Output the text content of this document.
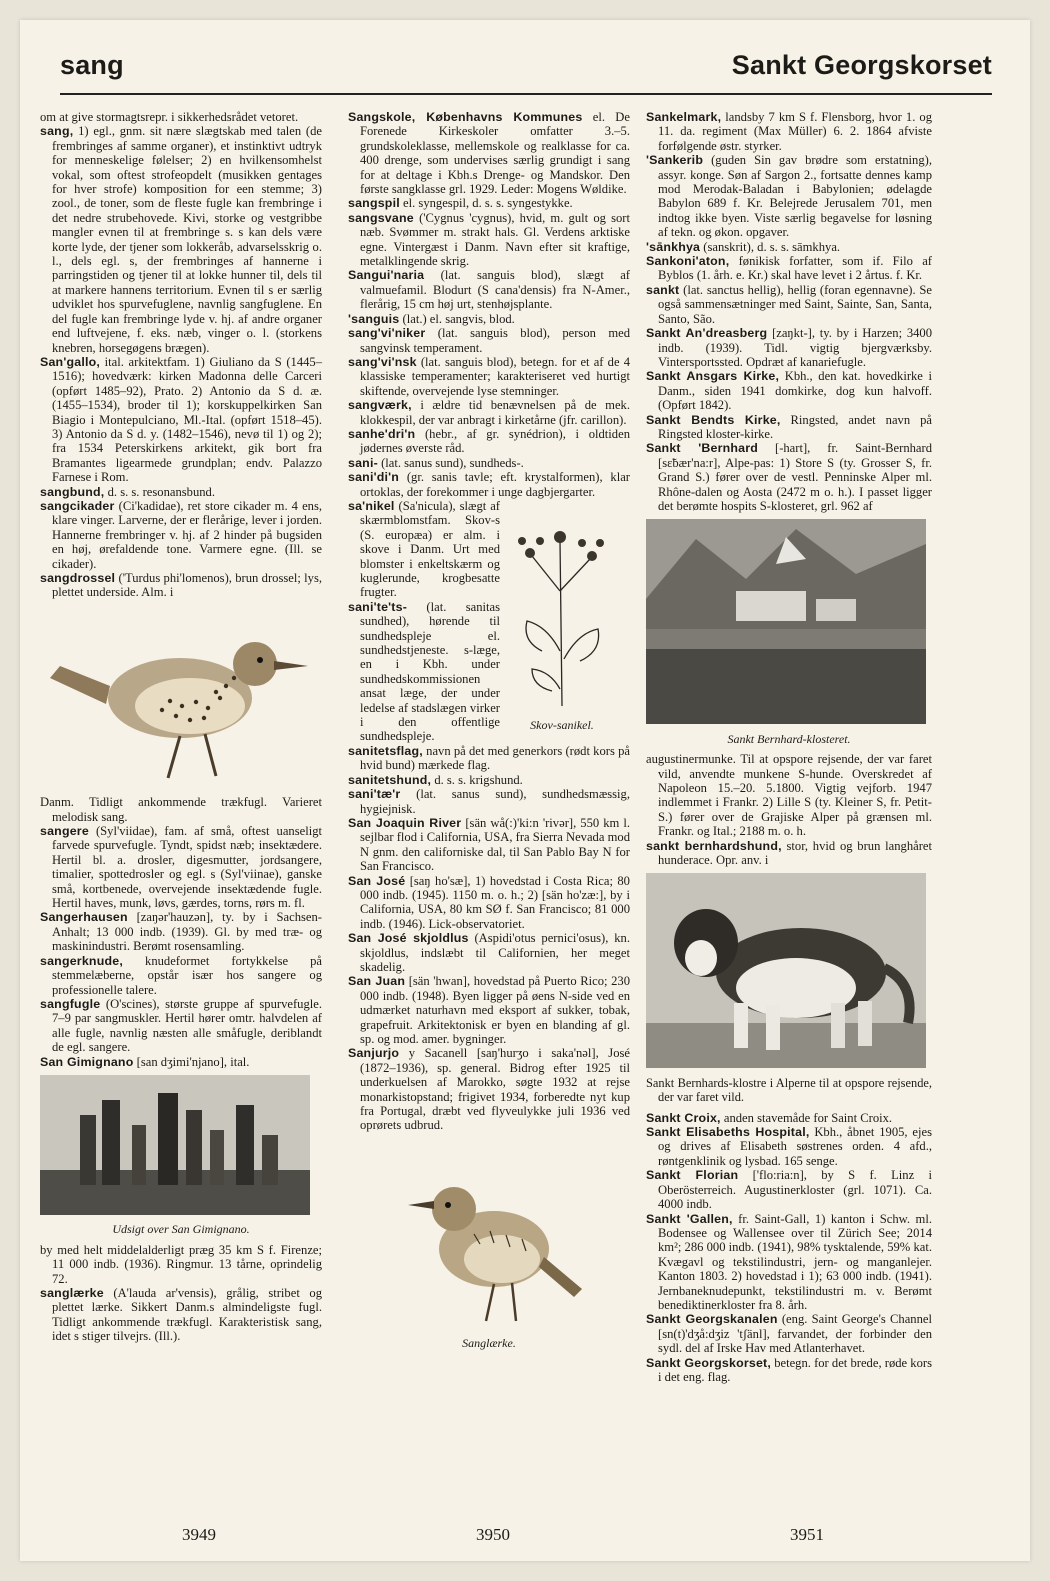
sang	Sankt Georgskorset
om at give stormagtsrepr. i sikkerhedsrådet vetoret.
sang, 1) egl., gnm. sit nære slægtskab med talen (de frembringes af samme organer), et instinktivt udtryk for menneskelige følelser; 2) en hvilkensomhelst vokal, som oftest strofeopdelt (musikken gentages for hver strofe) komposition for een stemme; 3) zool., de toner, som de fleste fugle kan frembringe i det nedre strubehovede. Kivi, storke og vestgribbe mangler evnen til at frembringe s. s kan dels være korte lyde, der tjener som lokkeråb, advarselsskrig o. l., dels egl. s, der frembringes af hannerne i parringstiden og tjener til at lokke hunner til, dels til at markere hannens territorium. Evnen til s er særlig udviklet hos spurvefuglene, navnlig sangfuglene. En del fugle kan frembringe lyde v. hj. af andre organer end luftvejene, f. eks. næb, vinger o. l. (storkens knebren, horsegøgens brægen).
San'gallo, ital. arkitektfam. 1) Giuliano da S (1445–1516); hovedværk: kirken Madonna delle Carceri (opført 1485–92), Prato. 2) Antonio da S d. æ. (1455–1534), broder til 1); korskuppelkirken San Biagio i Montepulciano, Ml.-Ital. (opført 1518–45). 3) Antonio da S d. y. (1482–1546), nevø til 1) og 2); fra 1534 Peterskirkens arkitekt, gik bort fra Bramantes ligearmede grundplan; endv. Palazzo Farnese i Rom.
sangbund, d. s. s. resonansbund.
sangcikader (Ci'kadidae), ret store cikader m. 4 ens, klare vinger. Larverne, der er flerårige, lever i jorden. Hannerne frembringer v. hj. af 2 hinder på bugsiden en høj, ørefaldende tone. Varmere egne. (Ill. se cikader).
sangdrossel ('Turdus phi'lomenos), brun drossel; lys, plettet underside. Alm. i
Danm. Tidligt ankommende trækfugl. Varieret melodisk sang.
sangere (Syl'viidae), fam. af små, oftest uanseligt farvede spurvefugle. Tyndt, spidst næb; insektædere. Hertil bl. a. drosler, digesmutter, jordsangere, timalier, spottedrosler og egl. s (Syl'viinae), ganske små, kortbenede, overvejende insektædende fugle. Hertil haves, munk, løvs, gærdes, torns, rørs m. fl.
Sangerhausen [zaŋər'hauzən], ty. by i Sachsen-Anhalt; 13 000 indb. (1939). Gl. by med træ- og maskinindustri. Berømt rosensamling.
sangerknude, knudeformet fortykkelse på stemmelæberne, opstår især hos sangere og professionelle talere.
sangfugle (O'scines), største gruppe af spurvefugle. 7–9 par sangmuskler. Hertil hører omtr. halvdelen af alle fugle, navnlig næsten alle småfugle, deriblandt de egl. sangere.
San Gimignano [san dʒimi'njano], ital.
Udsigt over San Gimignano.
by med helt middelalderligt præg 35 km S f. Firenze; 11 000 indb. (1936). Ringmur. 13 tårne, oprindelig 72.
sanglærke (A'lauda ar'vensis), grålig, stribet og plettet lærke. Sikkert Danm.s almindeligste fugl. Tidligt ankommende trækfugl. Karakteristisk sang, idet s stiger tilvejrs. (Ill.).
Sangskole, Københavns Kommunes el. De Forenede Kirkeskoler omfatter 3.–5. grundskoleklasse, mellemskole og realklasse for ca. 400 drenge, som undervises særlig grundigt i sang for at deltage i Kbh.s Drenge- og Mandskor. Den første sangklasse grl. 1929. Leder: Mogens Wøldike.
sangspil el. syngespil, d. s. s. syngestykke.
sangsvane ('Cygnus 'cygnus), hvid, m. gult og sort næb. Svømmer m. strakt hals. Gl. Verdens arktiske egne. Vintergæst i Danm. Navn efter sit kraftige, metalklingende skrig.
Sangui'naria (lat. sanguis blod), slægt af valmuefamil. Blodurt (S cana'densis) fra N-Amer., flerårig, 15 cm høj urt, stenhøjsplante.
'sanguis (lat.) el. sangvis, blod.
sang'vi'niker (lat. sanguis blod), person med sangvinsk temperament.
sang'vi'nsk (lat. sanguis blod), betegn. for et af de 4 klassiske temperamenter; karakteriseret ved hurtigt skiftende, overvejende lyse stemninger.
sangværk, i ældre tid benævnelsen på de mek. klokkespil, der var anbragt i kirketårne (jfr. carillon).
sanhe'dri'n (hebr., af gr. synédrion), i oldtiden jødernes øverste råd.
sani- (lat. sanus sund), sundheds-.
sani'di'n (gr. sanis tavle; eft. krystalformen), klar ortoklas, der forekommer i unge dagbjergarter.
Skov-sanikel.
sa'nikel (Sa'nicula), slægt af skærmblomstfam. Skov-s (S. europæa) er alm. i skove i Danm. Urt med blomster i enkeltskærm og kuglerunde, krogbesatte frugter.
sani'te'ts- (lat. sanitas sundhed), hørende til sundhedspleje el. sundhedstjeneste. s-læge, en i Kbh. under sundhedskommissionen ansat læge, der under ledelse af stadslægen virker i den offentlige sundhedspleje.
sanitetsflag, navn på det med generkors (rødt kors på hvid bund) mærkede flag.
sanitetshund, d. s. s. krigshund.
sani'tæ'r (lat. sanus sund), sundhedsmæssig, hygiejnisk.
San Joaquin River [sän wå(:)'ki:n 'rivər], 550 km l. sejlbar flod i California, USA, fra Sierra Nevada mod N gnm. den californiske dal, til San Pablo Bay N for San Francisco.
San José [saŋ ho'sæ], 1) hovedstad i Costa Rica; 80 000 indb. (1945). 1150 m. o. h.; 2) [sän ho'zæ:], by i California, USA, 80 km SØ f. San Francisco; 81 000 indb. (1946). Lick-observatoriet.
San José skjoldlus (Aspidi'otus pernici'osus), kn. skjoldlus, indslæbt til Californien, her meget skadelig.
San Juan [sän 'hwan], hovedstad på Puerto Rico; 230 000 indb. (1948). Byen ligger på øens N-side ved en udmærket naturhavn med eksport af sukker, tobak, grapefruit. Arkitektonisk er byen en blanding af gl. sp. og mod. amer. bygninger.
Sanjurjo y Sacanell [saŋ'hurʒo i saka'nəl], José (1872–1936), sp. general. Bidrog efter 1925 til underkuelsen af Marokko, søgte 1932 at rejse monarkistopstand; frigivet 1934, forberedte nyt kup fra Portugal, dræbt ved flyveulykke juli 1936 ved oprørets udbrud.
Sanglærke.
Sankelmark, landsby 7 km S f. Flensborg, hvor 1. og 11. da. regiment (Max Müller) 6. 2. 1864 afviste forfølgende østr. styrker.
'Sankerib (guden Sin gav brødre som erstatning), assyr. konge. Søn af Sargon 2., fortsatte dennes kamp mod Merodak-Baladan i Babylonien; ødelagde Babylon 689 f. Kr. Belejrede Jerusalem 701, men indtog ikke byen. Viste særlig begavelse for løsning af tekn. og økon. opgaver.
'sānkhya (sanskrit), d. s. s. sāmkhya.
Sankoni'aton, fønikisk forfatter, som if. Filo af Byblos (1. årh. e. Kr.) skal have levet i 2 årtus. f. Kr.
sankt (lat. sanctus hellig), hellig (foran egennavne). Se også sammensætninger med Saint, Sainte, San, Santa, Santo, São.
Sankt An'dreasberg [zaŋkt-], ty. by i Harzen; 3400 indb. (1939). Tidl. vigtig bjergværksby. Vintersportssted. Opdræt af kanariefugle.
Sankt Ansgars Kirke, Kbh., den kat. hovedkirke i Danm., siden 1941 domkirke, dog kun halvoff. (Opført 1842).
Sankt Bendts Kirke, Ringsted, andet navn på Ringsted kloster-kirke.
Sankt 'Bernhard [-hart], fr. Saint-Bernhard [sɛ̃bær'na:r], Alpe-pas: 1) Store S (ty. Grosser S, fr. Grand S.) fører over de vestl. Penninske Alper ml. Rhône-dalen og Aosta (2472 m o. h.). I passet ligger det berømte hospits S-klosteret, grl. 962 af
Sankt Bernhard-klosteret.
augustinermunke. Til at opspore rejsende, der var faret vild, anvendte munkene S-hunde. Overskredet af Napoleon 15.–20. 5.1800. Vigtig vejforb. 1947 indlemmet i Frankr. 2) Lille S (ty. Kleiner S, fr. Petit-S.) fører over de Grajiske Alper på grænsen ml. Frankr. og Ital.; 2188 m. o. h.
sankt bernhardshund, stor, hvid og brun langhåret hunderace. Opr. anv. i
Sankt Bernhards-klostre i Alperne til at opspore rejsende, der var faret vild.
Sankt Croix, anden stavemåde for Saint Croix.
Sankt Elisabeths Hospital, Kbh., åbnet 1905, ejes og drives af Elisabeth søstrenes orden. 4 afd., røntgenklinik og lysbad. 165 senge.
Sankt Florian ['flo:ria:n], by S f. Linz i Oberösterreich. Augustinerkloster (grl. 1071). Ca. 4000 indb.
Sankt 'Gallen, fr. Saint-Gall, 1) kanton i Schw. ml. Bodensee og Wallensee over til Zürich See; 2014 km²; 286 000 indb. (1941), 98% tysktalende, 59% kat. Kvægavl og tekstilindustri, jern- og manganlejer. Kanton 1803. 2) hovedstad i 1); 63 000 indb. (1941). Jernbaneknudepunkt, tekstilindustri m. v. Berømt benediktinerkloster fra 8. årh.
Sankt Georgskanalen (eng. Saint George's Channel [sn(t)'dʒå:dʒiz 'tʃänl], farvandet, der forbinder den sydl. del af Irske Hav med Atlanterhavet.
Sankt Georgskorset, betegn. for det brede, røde kors i det eng. flag.
3949	3950	3951
